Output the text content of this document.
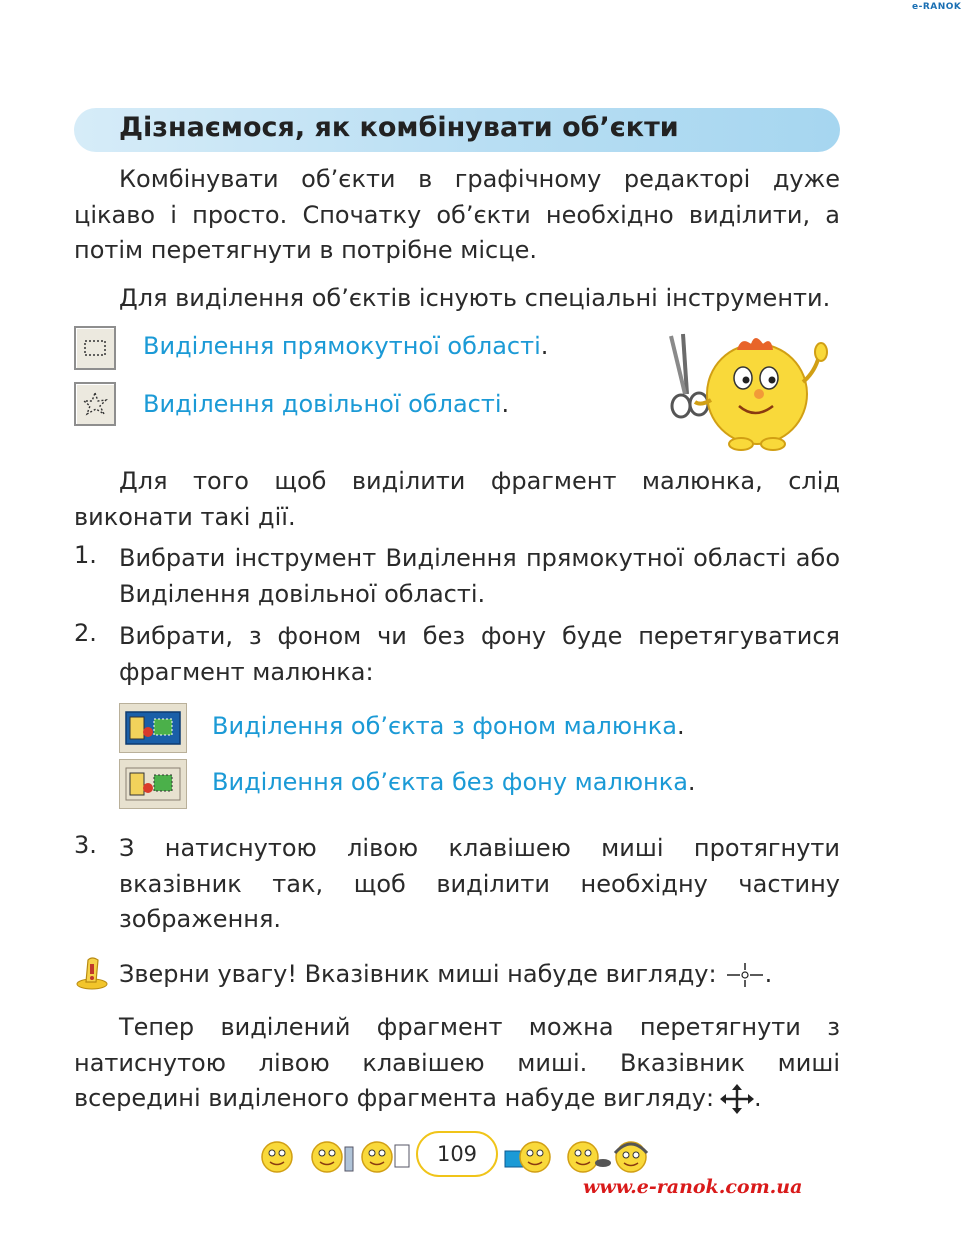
e-RANOK
Дізнаємося, як комбінувати об’єкти
Комбінувати об’єкти в графічному редакторі дуже цікаво і просто. Спочатку об’єкти необхідно виділити, а потім перетягнути в потрібне місце.
Для виділення об’єктів існують спеціальні інструменти.
Виділення прямокутної області.
Виділення довільної області.
Для того щоб виділити фрагмент малюнка, слід виконати такі дії.
1. Вибрати інструмент Виділення прямокутної області або Виділення довільної області.
2. Вибрати, з фоном чи без фону буде перетягуватися фрагмент малюнка:
Виділення об’єкта з фоном малюнка.
Виділення об’єкта без фону малюнка.
3. З натиснутою лівою клавішею миші протягнути вказівник так, щоб виділити необхідну частину зображення.
Зверни увагу! Вказівник миші набуде вигляду: .
Тепер виділений фрагмент можна перетягнути з натиснутою лівою клавішею миші. Вказівник миші всередині виділеного фрагмента набуде вигляду: .
109
www.e-ranok.com.ua
